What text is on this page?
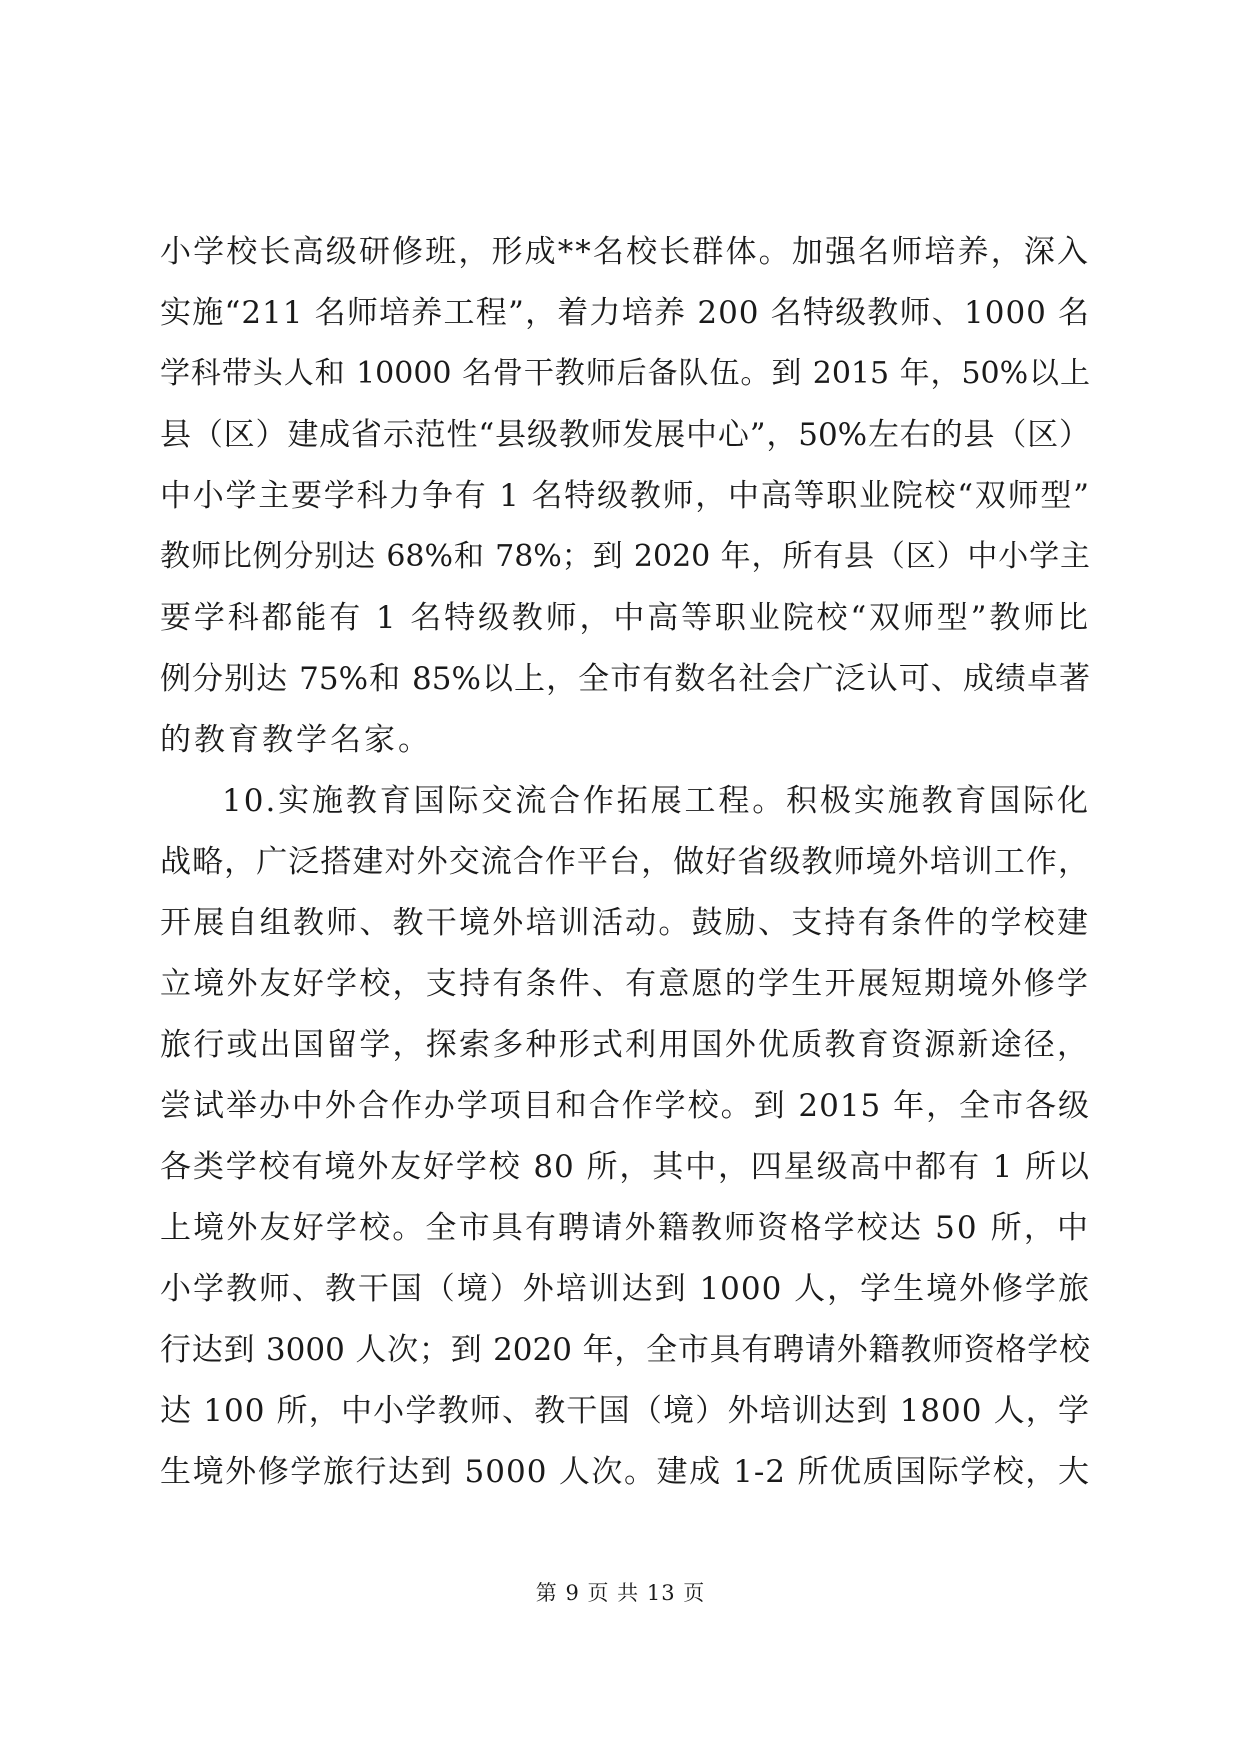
小学校长高级研修班，形成**名校长群体。加强名师培养，深入
实施“211 名师培养工程”，着力培养 200 名特级教师、1000 名
学科带头人和 10000 名骨干教师后备队伍。到 2015 年，50%以上
县（区）建成省示范性“县级教师发展中心”，50%左右的县（区）
中小学主要学科力争有 1 名特级教师，中高等职业院校“双师型”
教师比例分别达 68%和 78%；到 2020 年，所有县（区）中小学主
要学科都能有 1 名特级教师，中高等职业院校“双师型”教师比
例分别达 75%和 85%以上，全市有数名社会广泛认可、成绩卓著
的教育教学名家。
10.实施教育国际交流合作拓展工程。积极实施教育国际化
战略，广泛搭建对外交流合作平台，做好省级教师境外培训工作，
开展自组教师、教干境外培训活动。鼓励、支持有条件的学校建
立境外友好学校，支持有条件、有意愿的学生开展短期境外修学
旅行或出国留学，探索多种形式利用国外优质教育资源新途径，
尝试举办中外合作办学项目和合作学校。到 2015 年，全市各级
各类学校有境外友好学校 80 所，其中，四星级高中都有 1 所以
上境外友好学校。全市具有聘请外籍教师资格学校达 50 所，中
小学教师、教干国（境）外培训达到 1000 人，学生境外修学旅
行达到 3000 人次；到 2020 年，全市具有聘请外籍教师资格学校
达 100 所，中小学教师、教干国（境）外培训达到 1800 人，学
生境外修学旅行达到 5000 人次。建成 1-2 所优质国际学校，大
第 9 页 共 13 页
